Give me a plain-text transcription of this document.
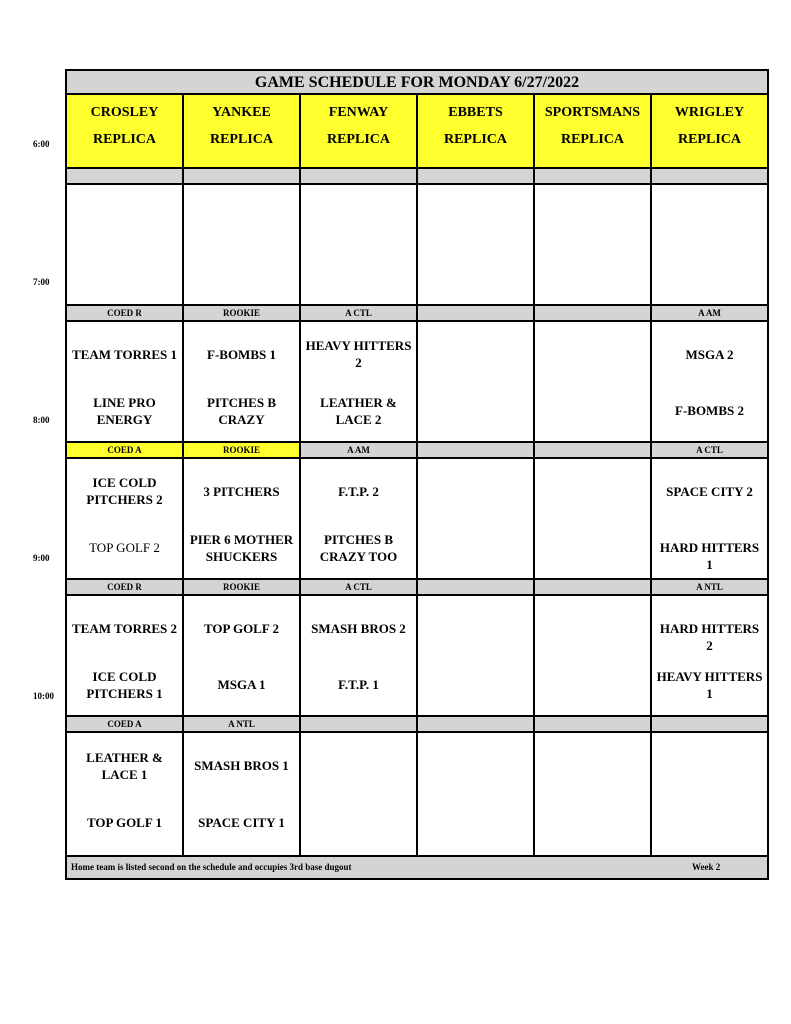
GAME SCHEDULE FOR MONDAY 6/27/2022
CROSLEY
REPLICA
YANKEE
REPLICA
FENWAY
REPLICA
EBBETS
REPLICA
SPORTSMANS
REPLICA
WRIGLEY
REPLICA
COED R
TEAM TORRES 1
LINE PRO ENERGY
ROOKIE
F-BOMBS 1
PITCHES B CRAZY
A CTL
HEAVY HITTERS 2
LEATHER & LACE 2
A AM
MSGA 2
F-BOMBS 2
COED A
ICE COLD PITCHERS 2
TOP GOLF 2
ROOKIE
3 PITCHERS
PIER 6 MOTHER SHUCKERS
A AM
F.T.P. 2
PITCHES B CRAZY TOO
A CTL
SPACE CITY 2
HARD HITTERS 1
COED R
TEAM TORRES 2
ICE COLD PITCHERS 1
ROOKIE
TOP GOLF 2
MSGA 1
A CTL
SMASH BROS 2
F.T.P. 1
A NTL
HARD HITTERS 2
HEAVY HITTERS 1
COED A
LEATHER & LACE 1
TOP GOLF 1
A NTL
SMASH BROS 1
SPACE CITY 1
Home team is listed second on the schedule and occupies 3rd base dugout	Week 2
6:00
7:00
8:00
9:00
10:00
